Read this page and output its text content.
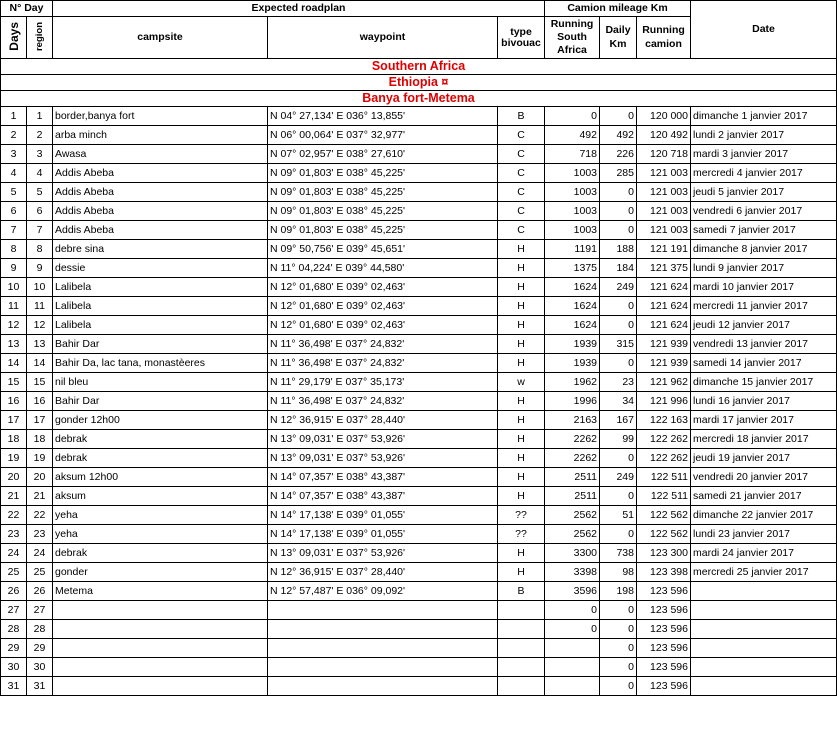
N° Day		Expected roadplan			Camion mileage Km			Date
Days	region	campsite	waypoint	type bivouac	Running South Africa	Daily Km	Running camion	
Southern Africa								
Ethiopia ¤								
Banya fort-Metema								
1	1	border,banya fort	N 04° 27,134' E 036° 13,855'	B	0	0	120 000	dimanche 1 janvier 2017
2	2	arba minch	N 06° 00,064' E 037° 32,977'	C	492	492	120 492	lundi 2 janvier 2017
3	3	Awasa	N 07° 02,957' E 038° 27,610'	C	718	226	120 718	mardi 3 janvier 2017
4	4	Addis Abeba	N 09° 01,803' E 038° 45,225'	C	1003	285	121 003	mercredi 4 janvier 2017
5	5	Addis Abeba	N 09° 01,803' E 038° 45,225'	C	1003	0	121 003	jeudi 5 janvier 2017
6	6	Addis Abeba	N 09° 01,803' E 038° 45,225'	C	1003	0	121 003	vendredi 6 janvier 2017
7	7	Addis Abeba	N 09° 01,803' E 038° 45,225'	C	1003	0	121 003	samedi 7 janvier 2017
8	8	debre sina	N 09° 50,756' E 039° 45,651'	H	1191	188	121 191	dimanche 8 janvier 2017
9	9	dessie	N 11° 04,224' E 039° 44,580'	H	1375	184	121 375	lundi 9 janvier 2017
10	10	Lalibela	N 12° 01,680' E 039° 02,463'	H	1624	249	121 624	mardi 10 janvier 2017
11	11	Lalibela	N 12° 01,680' E 039° 02,463'	H	1624	0	121 624	mercredi 11 janvier 2017
12	12	Lalibela	N 12° 01,680' E 039° 02,463'	H	1624	0	121 624	jeudi 12 janvier 2017
13	13	Bahir Dar	N 11° 36,498' E 037° 24,832'	H	1939	315	121 939	vendredi 13 janvier 2017
14	14	Bahir Da, lac tana, monastèeres	N 11° 36,498' E 037° 24,832'	H	1939	0	121 939	samedi 14 janvier 2017
15	15	nil bleu	N 11° 29,179' E 037° 35,173'	w	1962	23	121 962	dimanche 15 janvier 2017
16	16	Bahir Dar	N 11° 36,498' E 037° 24,832'	H	1996	34	121 996	lundi 16 janvier 2017
17	17	gonder 12h00	N 12° 36,915' E 037° 28,440'	H	2163	167	122 163	mardi 17 janvier 2017
18	18	debrak	N 13° 09,031' E 037° 53,926'	H	2262	99	122 262	mercredi 18 janvier 2017
19	19	debrak	N 13° 09,031' E 037° 53,926'	H	2262	0	122 262	jeudi 19 janvier 2017
20	20	aksum 12h00	N 14° 07,357' E 038° 43,387'	H	2511	249	122 511	vendredi 20 janvier 2017
21	21	aksum	N 14° 07,357' E 038° 43,387'	H	2511	0	122 511	samedi 21 janvier 2017
22	22	yeha	N 14° 17,138' E 039° 01,055'	??	2562	51	122 562	dimanche 22 janvier 2017
23	23	yeha	N 14° 17,138' E 039° 01,055'	??	2562	0	122 562	lundi 23 janvier 2017
24	24	debrak	N 13° 09,031' E 037° 53,926'	H	3300	738	123 300	mardi 24 janvier 2017
25	25	gonder	N 12° 36,915' E 037° 28,440'	H	3398	98	123 398	mercredi 25 janvier 2017
26	26	Metema	N 12° 57,487' E 036° 09,092'	B	3596	198	123 596	
27	27				0	0	123 596	
28	28				0	0	123 596	
29	29					0	123 596	
30	30					0	123 596	
31	31					0	123 596	
